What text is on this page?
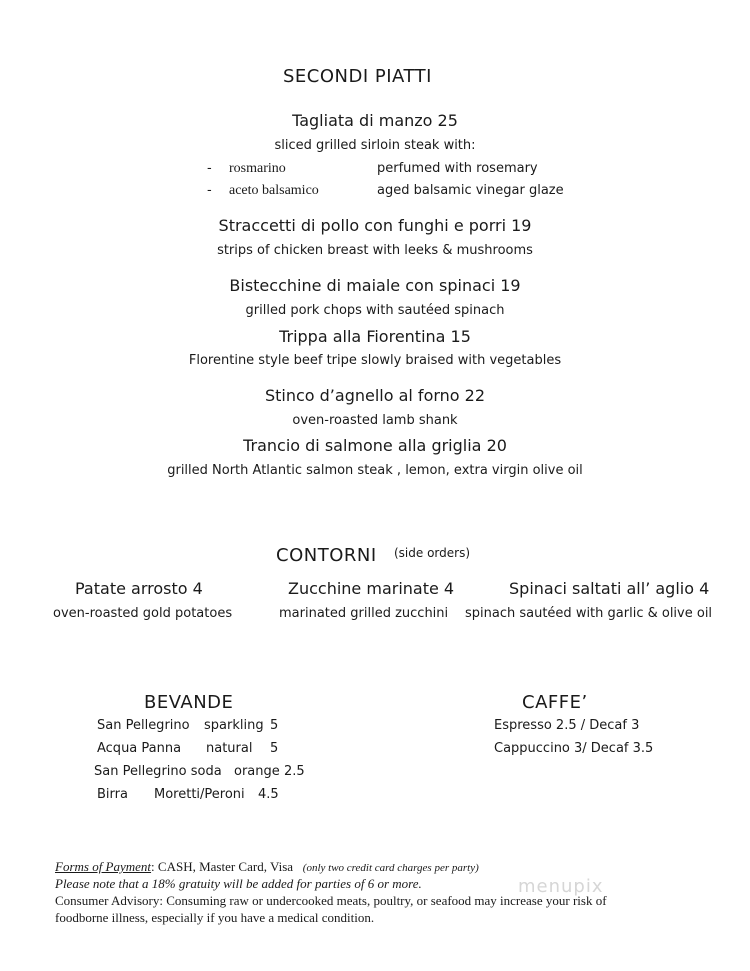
SECONDI PIATTI
Tagliata di manzo 25
sliced grilled sirloin steak with:
- rosmarino	perfumed with rosemary
- aceto balsamico	aged balsamic vinegar glaze
Straccetti di pollo con funghi e porri 19
strips of chicken breast with leeks & mushrooms
Bistecchine di maiale con spinaci 19
grilled pork chops with sautéed spinach
Trippa alla Fiorentina 15
Florentine style beef tripe slowly braised with vegetables
Stinco d’agnello al forno 22
oven-roasted lamb shank
Trancio di salmone alla griglia 20
grilled North Atlantic salmon steak , lemon, extra virgin olive oil
CONTORNI (side orders)
Patate arrosto 4
oven-roasted gold potatoes
Zucchine marinate 4
marinated grilled zucchini
Spinaci saltati all’ aglio 4
spinach sautéed with garlic & olive oil
BEVANDE
San Pellegrino sparkling 5
Acqua Panna natural 5
San Pellegrino soda orange 2.5
Birra Moretti/Peroni 4.5
CAFFE’
Espresso 2.5 / Decaf 3
Cappuccino 3/ Decaf 3.5
menupix
Forms of Payment: CASH, Master Card, Visa (only two credit card charges per party)
Please note that a 18% gratuity will be added for parties of 6 or more.
Consumer Advisory: Consuming raw or undercooked meats, poultry, or seafood may increase your risk of
foodborne illness, especially if you have a medical condition.
